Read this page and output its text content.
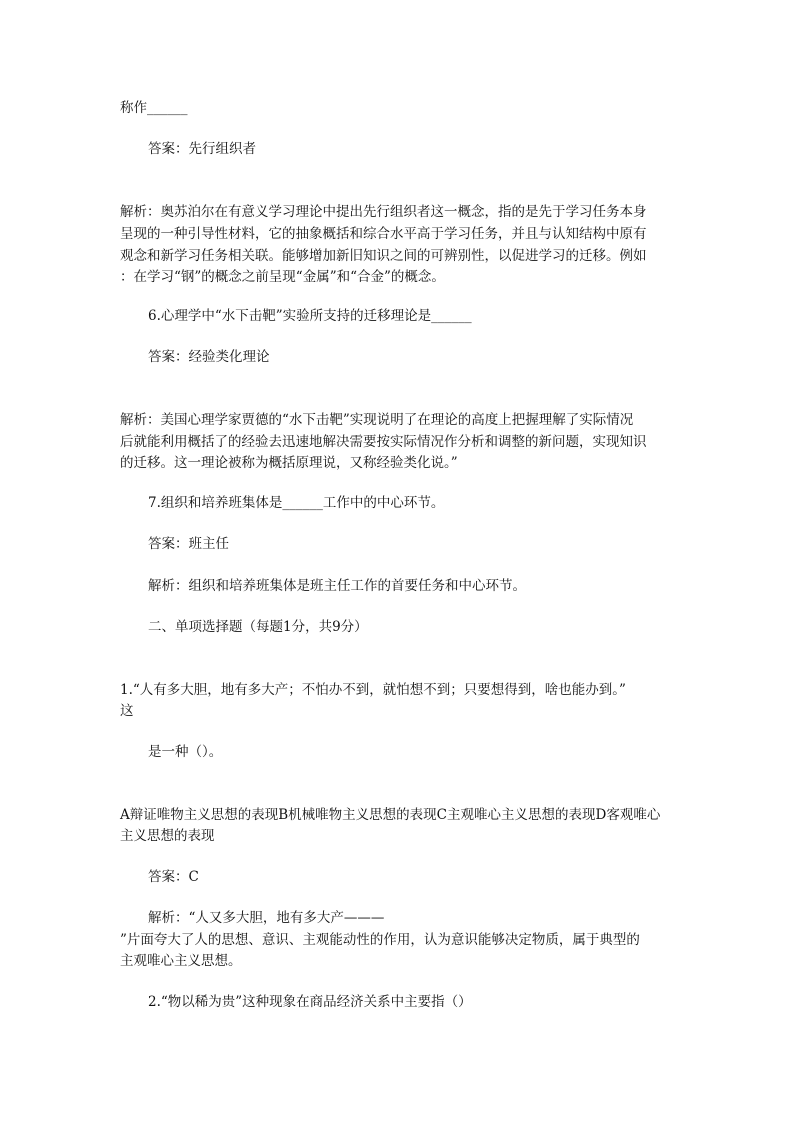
称作______
答案：先行组织者
解析：奥苏泊尔在有意义学习理论中提出先行组织者这一概念，指的是先于学习任务本身
呈现的一种引导性材料，它的抽象概括和综合水平高于学习任务，并且与认知结构中原有
观念和新学习任务相关联。能够增加新旧知识之间的可辨别性，以促进学习的迁移。例如
：在学习“钢”的概念之前呈现“金属”和“合金”的概念。
6.心理学中“水下击靶”实验所支持的迁移理论是______
答案：经验类化理论
解析：美国心理学家贾德的“水下击靶”实现说明了在理论的高度上把握理解了实际情况
后就能利用概括了的经验去迅速地解决需要按实际情况作分析和调整的新问题，实现知识
的迁移。这一理论被称为概括原理说，又称经验类化说。”
7.组织和培养班集体是______工作中的中心环节。
答案：班主任
解析：组织和培养班集体是班主任工作的首要任务和中心环节。
二、单项选择题（每题1分，共9分）
1.“人有多大胆，地有多大产；不怕办不到，就怕想不到；只要想得到，啥也能办到。”
这
是一种（）。
A辩证唯物主义思想的表现B机械唯物主义思想的表现C主观唯心主义思想的表现D客观唯心
主义思想的表现
答案：C
解析：“人又多大胆，地有多大产———
”片面夸大了人的思想、意识、主观能动性的作用，认为意识能够决定物质，属于典型的
主观唯心主义思想。
2.“物以稀为贵”这种现象在商品经济关系中主要指（）
